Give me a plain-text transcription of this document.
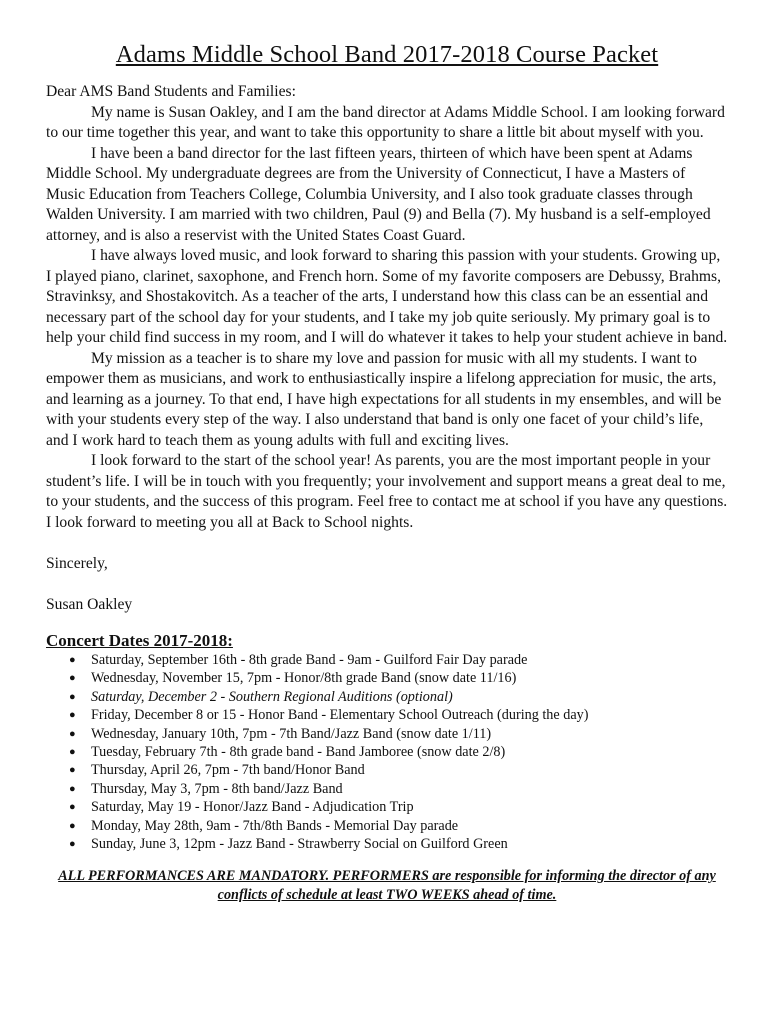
Adams Middle School Band 2017-2018 Course Packet

Dear AMS Band Students and Families:

My name is Susan Oakley, and I am the band director at Adams Middle School. I am looking forward to our time together this year, and want to take this opportunity to share a little bit about myself with you.

I have been a band director for the last fifteen years, thirteen of which have been spent at Adams Middle School. My undergraduate degrees are from the University of Connecticut, I have a Masters of Music Education from Teachers College, Columbia University, and I also took graduate classes through Walden University. I am married with two children, Paul (9) and Bella (7). My husband is a self-employed attorney, and is also a reservist with the United States Coast Guard.

I have always loved music, and look forward to sharing this passion with your students. Growing up, I played piano, clarinet, saxophone, and French horn. Some of my favorite composers are Debussy, Brahms, Stravinksy, and Shostakovitch. As a teacher of the arts, I understand how this class can be an essential and necessary part of the school day for your students, and I take my job quite seriously. My primary goal is to help your child find success in my room, and I will do whatever it takes to help your student achieve in band.

My mission as a teacher is to share my love and passion for music with all my students. I want to empower them as musicians, and work to enthusiastically inspire a lifelong appreciation for music, the arts, and learning as a journey. To that end, I have high expectations for all students in my ensembles, and will be with your students every step of the way. I also understand that band is only one facet of your child’s life, and I work hard to teach them as young adults with full and exciting lives.

I look forward to the start of the school year! As parents, you are the most important people in your student’s life. I will be in touch with you frequently; your involvement and support means a great deal to me, to your students, and the success of this program. Feel free to contact me at school if you have any questions. I look forward to meeting you all at Back to School nights.

Sincerely,

Susan Oakley

Concert Dates 2017-2018:
● Saturday, September 16th - 8th grade Band - 9am - Guilford Fair Day parade
● Wednesday, November 15, 7pm - Honor/8th grade Band (snow date 11/16)
● Saturday, December 2 - Southern Regional Auditions (optional)
● Friday, December 8 or 15 - Honor Band - Elementary School Outreach (during the day)
● Wednesday, January 10th, 7pm - 7th Band/Jazz Band (snow date 1/11)
● Tuesday, February 7th - 8th grade band - Band Jamboree (snow date 2/8)
● Thursday, April 26, 7pm - 7th band/Honor Band
● Thursday, May 3, 7pm - 8th band/Jazz Band
● Saturday, May 19 - Honor/Jazz Band - Adjudication Trip
● Monday, May 28th, 9am - 7th/8th Bands - Memorial Day parade
● Sunday, June 3, 12pm - Jazz Band - Strawberry Social on Guilford Green
ALL PERFORMANCES ARE MANDATORY. PERFORMERS are responsible for informing the director of any conflicts of schedule at least TWO WEEKS ahead of time.
